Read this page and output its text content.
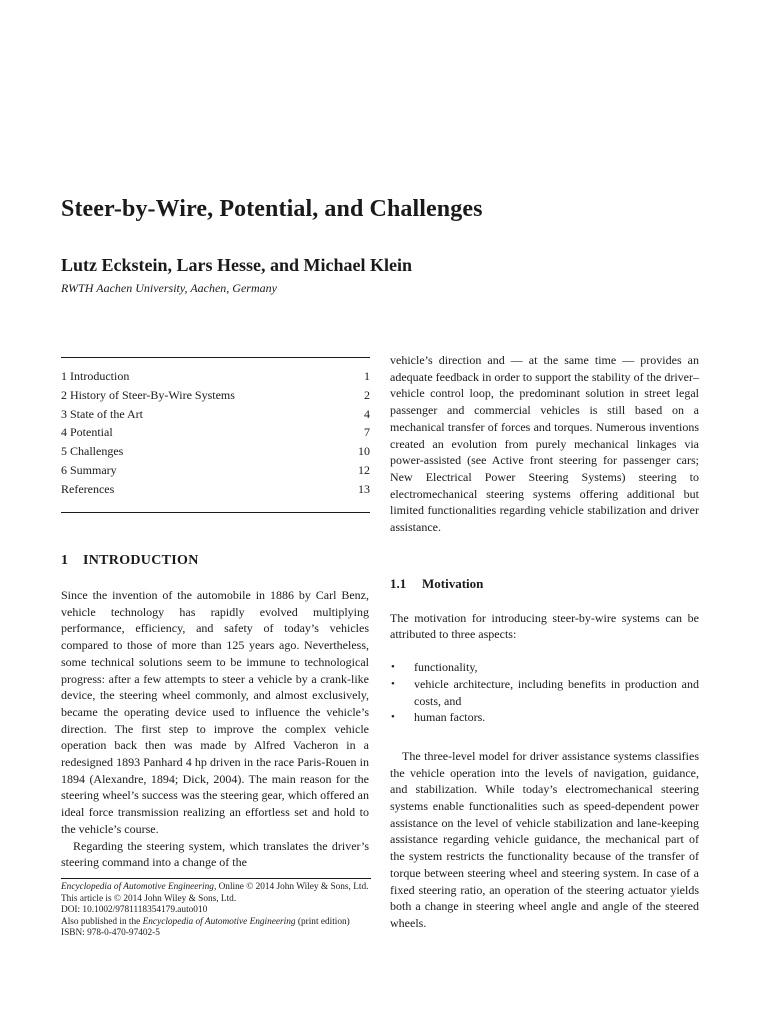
Steer-by-Wire, Potential, and Challenges
Lutz Eckstein, Lars Hesse, and Michael Klein

RWTH Aachen University, Aachen, Germany

1 Introduction	1
2 History of Steer-By-Wire Systems	2
3 State of the Art	4
4 Potential	7
5 Challenges	10
6 Summary	12
References	13
1 INTRODUCTION

Since the invention of the automobile in 1886 by Carl Benz, vehicle technology has rapidly evolved multiplying performance, efficiency, and safety of today’s vehicles compared to those of more than 125 years ago. Nevertheless, some technical solutions seem to be immune to technological progress: after a few attempts to steer a vehicle by a crank-like device, the steering wheel commonly, and almost exclusively, became the operating device used to influence the vehicle’s direction. The first step to improve the complex vehicle operation back then was made by Alfred Vacheron in a redesigned 1893 Panhard 4 hp driven in the race Paris-Rouen in 1894 (Alexandre, 1894; Dick, 2004). The main reason for the steering wheel’s success was the steering gear, which offered an ideal force transmission realizing an effortless set and hold to the vehicle’s course.

Regarding the steering system, which translates the driver’s steering command into a change of the

vehicle’s direction and — at the same time — provides an adequate feedback in order to support the stability of the driver–vehicle control loop, the predominant solution in street legal passenger and commercial vehicles is still based on a mechanical transfer of forces and torques. Numerous inventions created an evolution from purely mechanical linkages via power-assisted (see Active front steering for passenger cars; New Electrical Power Steering Systems) steering to electromechanical steering systems offering additional but limited functionalities regarding vehicle stabilization and driver assistance.

1.1 Motivation

The motivation for introducing steer-by-wire systems can be attributed to three aspects:

• functionality,
• vehicle architecture, including benefits in production and costs, and
• human factors.

The three-level model for driver assistance systems classifies the vehicle operation into the levels of navigation, guidance, and stabilization. While today’s electromechanical steering systems enable functionalities such as speed-dependent power assistance on the level of vehicle stabilization and lane-keeping assistance regarding vehicle guidance, the mechanical part of the system restricts the functionality because of the transfer of torque between steering wheel and steering system. In case of a fixed steering ratio, an operation of the steering actuator yields both a change in steering wheel angle and angle of the steered wheels.

Encyclopedia of Automotive Engineering, Online © 2014 John Wiley & Sons, Ltd.

This article is © 2014 John Wiley & Sons, Ltd.

DOI: 10.1002/9781118354179.auto010

Also published in the Encyclopedia of Automotive Engineering (print edition)

ISBN: 978-0-470-97402-5
